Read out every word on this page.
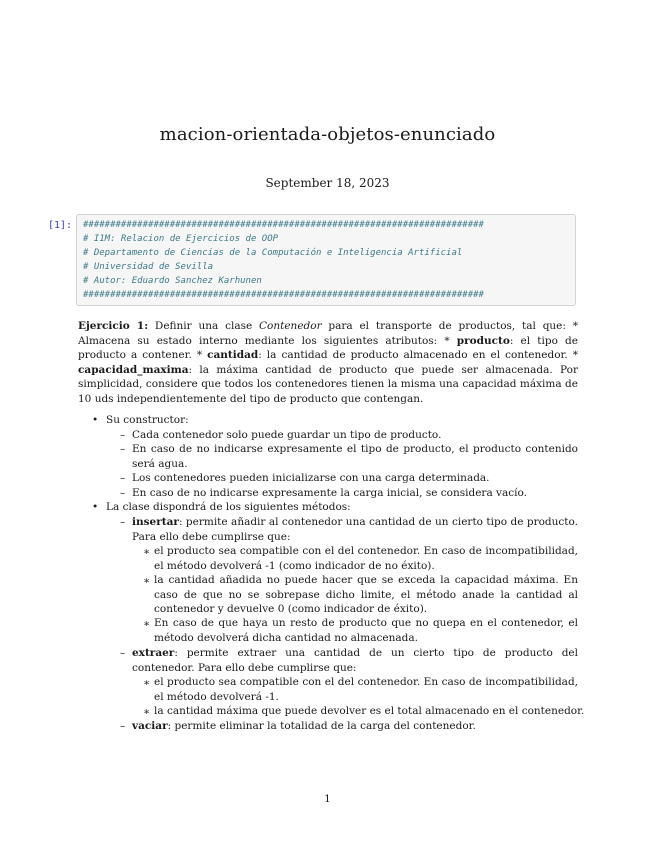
macion-orientada-objetos-enunciado
September 18, 2023
[1]: ##########################################################################
# I1M: Relacion de Ejercicios de OOP
# Departamento de Ciencias de la Computación e Inteligencia Artificial
# Universidad de Sevilla
# Autor: Eduardo Sanchez Karhunen
##########################################################################
Ejercicio 1: Definir una clase Contenedor para el transporte de productos, tal que: * Almacena su estado interno mediante los siguientes atributos: * producto: el tipo de producto a contener. * cantidad: la cantidad de producto almacenado en el contenedor. * capacidad_maxima: la máxima cantidad de producto que puede ser almacenada. Por simplicidad, considere que todos los contenedores tienen la misma una capacidad máxima de 10 uds independientemente del tipo de producto que contengan.
• Su constructor:
– Cada contenedor solo puede guardar un tipo de producto.
– En caso de no indicarse expresamente el tipo de producto, el producto contenido será agua.
– Los contenedores pueden inicializarse con una carga determinada.
– En caso de no indicarse expresamente la carga inicial, se considera vacío.
• La clase dispondrá de los siguientes métodos:
– insertar: permite añadir al contenedor una cantidad de un cierto tipo de producto. Para ello debe cumplirse que:
∗ el producto sea compatible con el del contenedor. En caso de incompatibilidad, el método devolverá -1 (como indicador de no éxito).
∗ la cantidad añadida no puede hacer que se exceda la capacidad máxima. En caso de que no se sobrepase dicho limite, el método anade la cantidad al contenedor y devuelve 0 (como indicador de éxito).
∗ En caso de que haya un resto de producto que no quepa en el contenedor, el método devolverá dicha cantidad no almacenada.
– extraer: permite extraer una cantidad de un cierto tipo de producto del contenedor. Para ello debe cumplirse que:
∗ el producto sea compatible con el del contenedor. En caso de incompatibilidad, el método devolverá -1.
∗ la cantidad máxima que puede devolver es el total almacenado en el contenedor.
– vaciar: permite eliminar la totalidad de la carga del contenedor.
1
